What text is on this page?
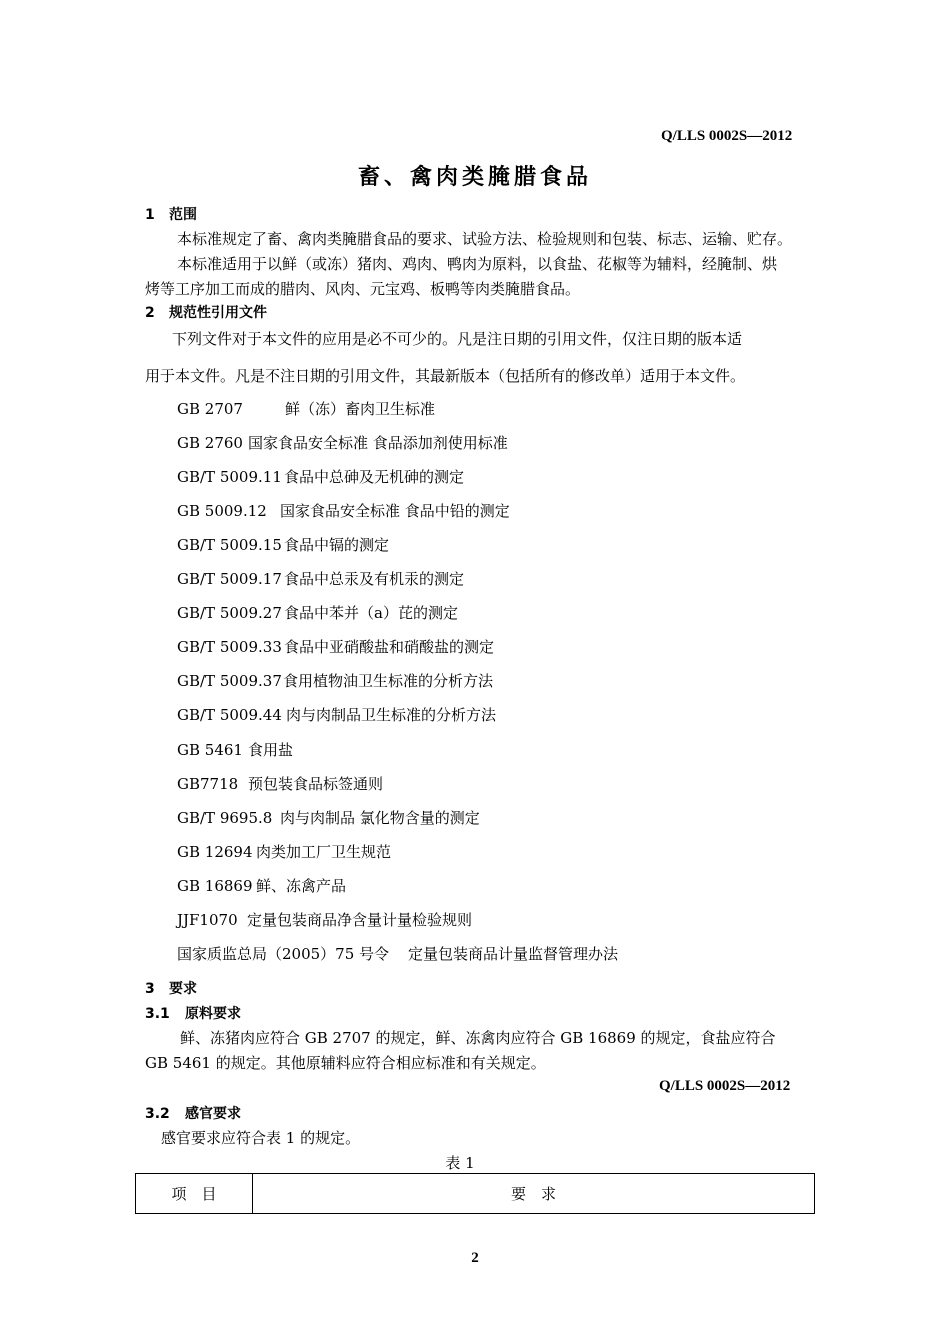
Q/LLS 0002S—2012
畜、禽肉类腌腊食品
1 范围
本标准规定了畜、禽肉类腌腊食品的要求、试验方法、检验规则和包装、标志、运输、贮存。
本标准适用于以鲜（或冻）猪肉、鸡肉、鸭肉为原料，以食盐、花椒等为辅料，经腌制、烘
烤等工序加工而成的腊肉、风肉、元宝鸡、板鸭等肉类腌腊食品。
2 规范性引用文件
下列文件对于本文件的应用是必不可少的。凡是注日期的引用文件，仅注日期的版本适
用于本文件。凡是不注日期的引用文件，其最新版本（包括所有的修改单）适用于本文件。
GB 2707	鲜（冻）畜肉卫生标准
GB 2760 国家食品安全标准 食品添加剂使用标准
GB/T 5009.11 食品中总砷及无机砷的测定
GB 5009.12 国家食品安全标准 食品中铅的测定
GB/T 5009.15 食品中镉的测定
GB/T 5009.17 食品中总汞及有机汞的测定
GB/T 5009.27 食品中苯并（a）芘的测定
GB/T 5009.33 食品中亚硝酸盐和硝酸盐的测定
GB/T 5009.37食用植物油卫生标准的分析方法
GB/T 5009.44 肉与肉制品卫生标准的分析方法
GB 5461 食用盐
GB7718 预包装食品标签通则
GB/T 9695.8 肉与肉制品 氯化物含量的测定
GB 12694 肉类加工厂卫生规范
GB 16869 鲜、冻禽产品
JJF1070 定量包装商品净含量计量检验规则
国家质监总局（2005）75 号令 定量包装商品计量监督管理办法
3 要求
3.1 原料要求
鲜、冻猪肉应符合 GB 2707 的规定，鲜、冻禽肉应符合 GB 16869 的规定，食盐应符合
GB 5461 的规定。其他原辅料应符合相应标准和有关规定。
Q/LLS 0002S—2012
3.2 感官要求
感官要求应符合表 1 的规定。
表 1
项　目	要　求
2
